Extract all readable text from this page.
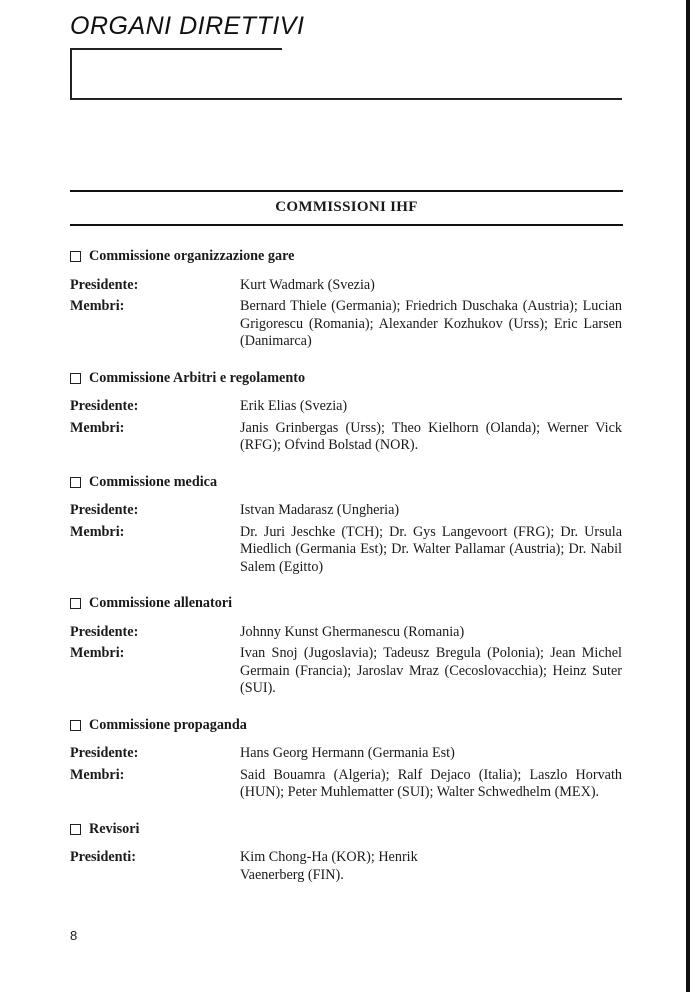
ORGANI DIRETTIVI
COMMISSIONI IHF
Commissione organizzazione gare
Presidente:	Kurt Wadmark (Svezia)
Membri:	Bernard Thiele (Germania); Friedrich Duschaka (Austria); Lucian Grigorescu (Romania); Alexander Kozhukov (Urss); Eric Larsen (Danimarca)
Commissione Arbitri e regolamento
Presidente:	Erik Elias (Svezia)
Membri:	Janis Grinbergas (Urss); Theo Kielhorn (Olanda); Werner Vick (RFG); Ofvind Bolstad (NOR).
Commissione medica
Presidente:	Istvan Madarasz (Ungheria)
Membri:	Dr. Juri Jeschke (TCH); Dr. Gys Langevoort (FRG); Dr. Ursula Miedlich (Germania Est); Dr. Walter Pallamar (Austria); Dr. Nabil Salem (Egitto)
Commissione allenatori
Presidente:	Johnny Kunst Ghermanescu (Romania)
Membri:	Ivan Snoj (Jugoslavia); Tadeusz Bregula (Polonia); Jean Michel Germain (Francia); Jaroslav Mraz (Cecoslovacchia); Heinz Suter (SUI).
Commissione propaganda
Presidente:	Hans Georg Hermann (Germania Est)
Membri:	Said Bouamra (Algeria); Ralf Dejaco (Italia); Laszlo Horvath (HUN); Peter Muhlematter (SUI); Walter Schwedhelm (MEX).
Revisori
Presidenti:	Kim Chong-Ha (KOR); Henrik Vaenerberg (FIN).
8
